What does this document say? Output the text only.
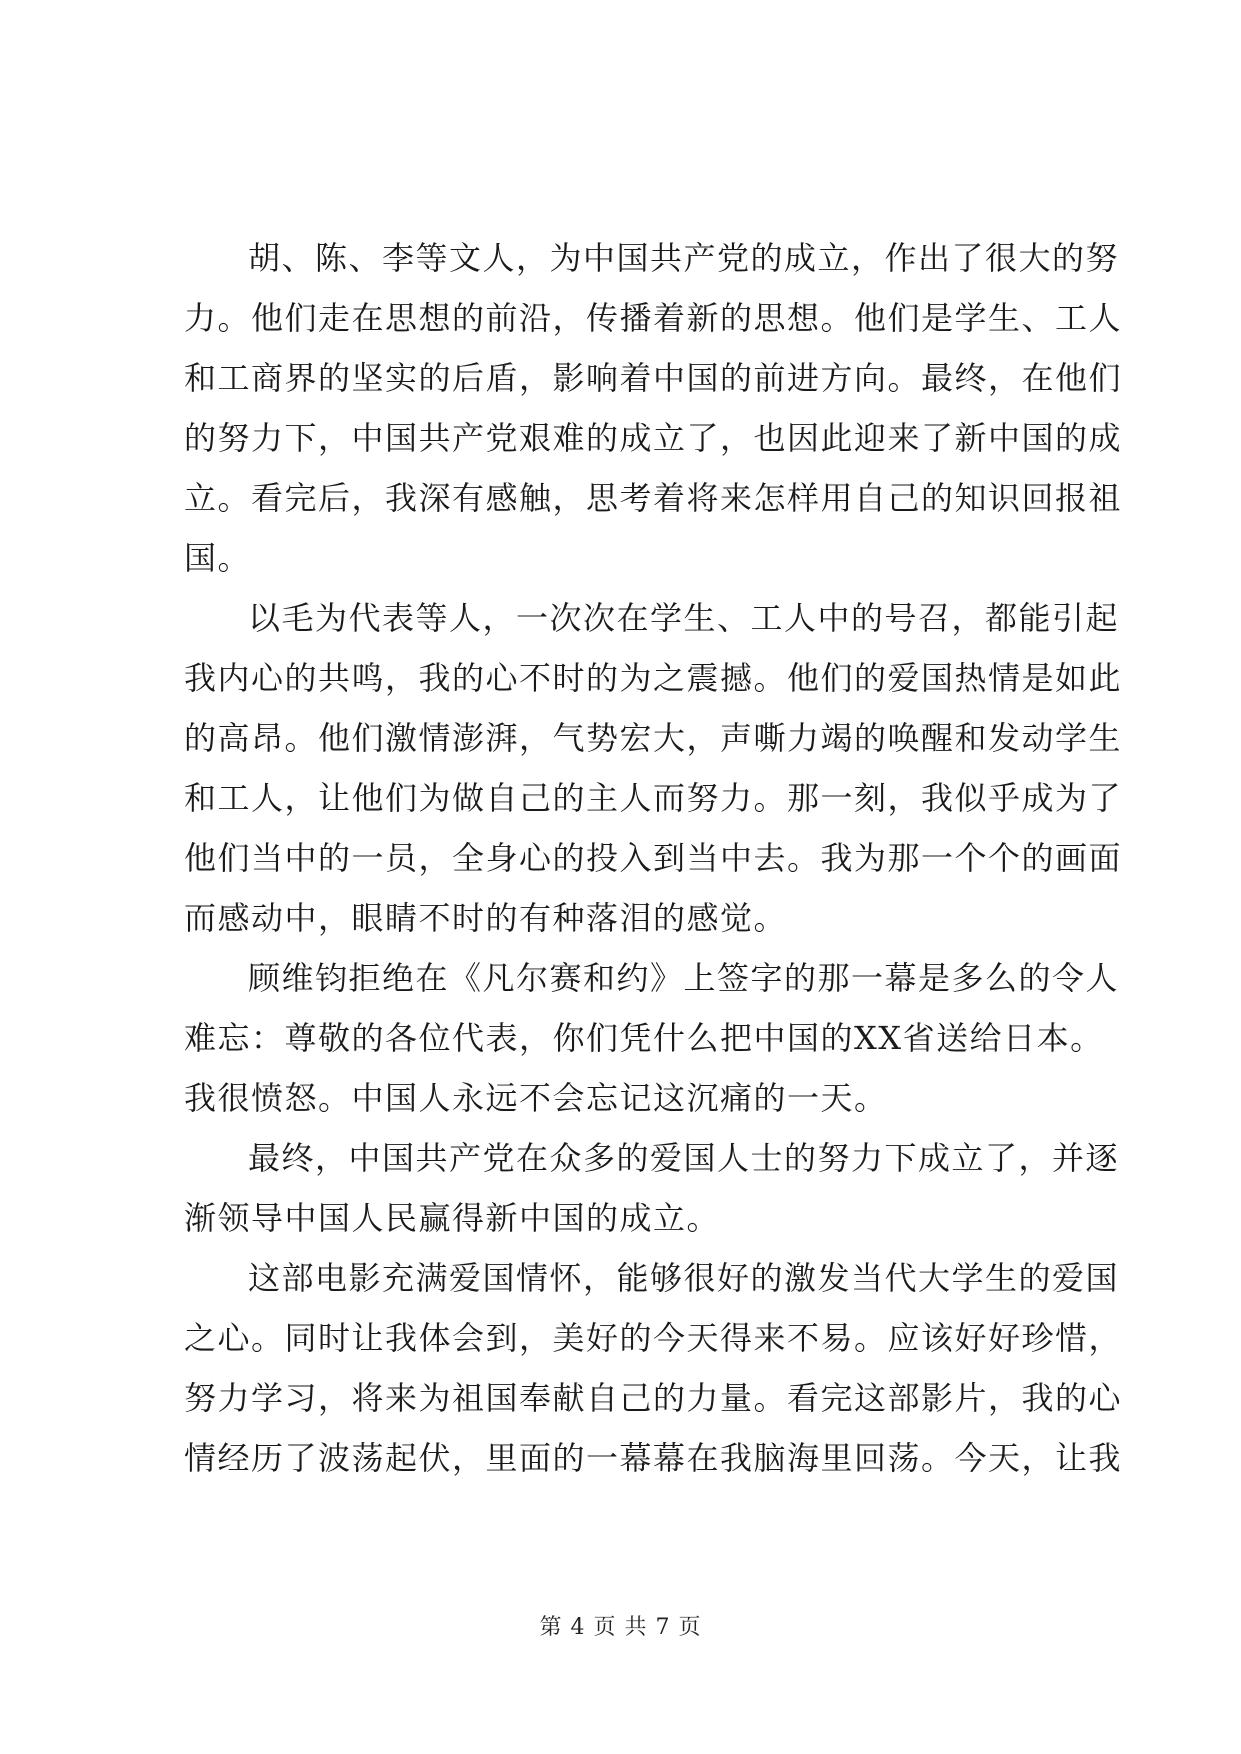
胡、陈、李等文人，为中国共产党的成立，作出了很大的努
力。他们走在思想的前沿，传播着新的思想。他们是学生、工人
和工商界的坚实的后盾，影响着中国的前进方向。最终，在他们
的努力下，中国共产党艰难的成立了，也因此迎来了新中国的成
立。看完后，我深有感触，思考着将来怎样用自己的知识回报祖
国。
以毛为代表等人，一次次在学生、工人中的号召，都能引起
我内心的共鸣，我的心不时的为之震撼。他们的爱国热情是如此
的高昂。他们激情澎湃，气势宏大，声嘶力竭的唤醒和发动学生
和工人，让他们为做自己的主人而努力。那一刻，我似乎成为了
他们当中的一员，全身心的投入到当中去。我为那一个个的画面
而感动中，眼睛不时的有种落泪的感觉。
顾维钧拒绝在《凡尔赛和约》上签字的那一幕是多么的令人
难忘：尊敬的各位代表，你们凭什么把中国的XX省送给日本。
我很愤怒。中国人永远不会忘记这沉痛的一天。
最终，中国共产党在众多的爱国人士的努力下成立了，并逐
渐领导中国人民赢得新中国的成立。
这部电影充满爱国情怀，能够很好的激发当代大学生的爱国
之心。同时让我体会到，美好的今天得来不易。应该好好珍惜，
努力学习，将来为祖国奉献自己的力量。看完这部影片，我的心
情经历了波荡起伏，里面的一幕幕在我脑海里回荡。今天，让我
第 4 页 共 7 页
